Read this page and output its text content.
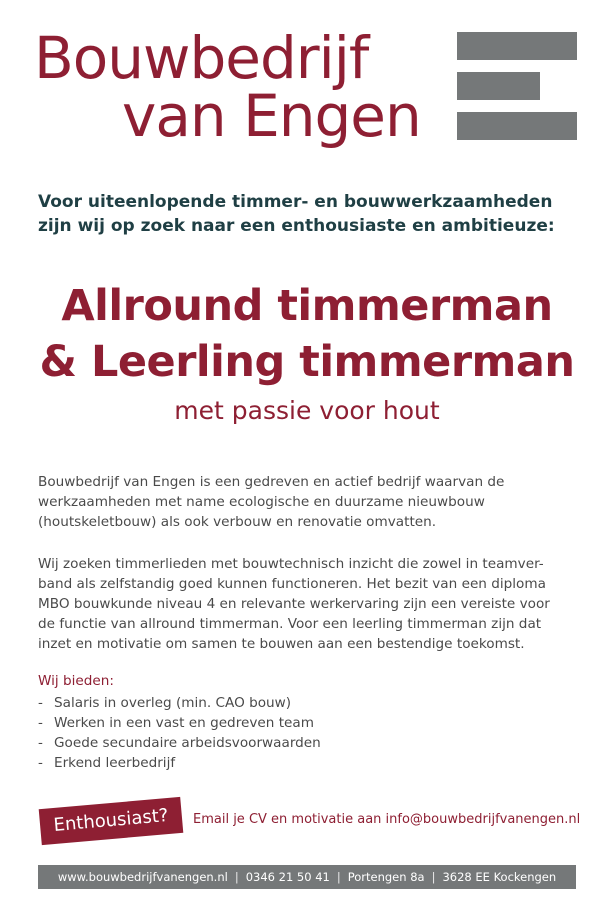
Bouwbedrijf
van Engen
Voor uiteenlopende timmer- en bouwwerkzaamheden
zijn wij op zoek naar een enthousiaste en ambitieuze:
Allround timmerman
& Leerling timmerman
met passie voor hout
Bouwbedrijf van Engen is een gedreven en actief bedrijf waarvan de
werkzaamheden met name ecologische en duurzame nieuwbouw
(houtskeletbouw) als ook verbouw en renovatie omvatten.
Wij zoeken timmerlieden met bouwtechnisch inzicht die zowel in teamver-
band als zelfstandig goed kunnen functioneren. Het bezit van een diploma
MBO bouwkunde niveau 4 en relevante werkervaring zijn een vereiste voor
de functie van allround timmerman. Voor een leerling timmerman zijn dat
inzet en motivatie om samen te bouwen aan een bestendige toekomst.
Wij bieden:
- Salaris in overleg (min. CAO bouw)
- Werken in een vast en gedreven team
- Goede secundaire arbeidsvoorwaarden
- Erkend leerbedrijf
Enthousiast?	Email je CV en motivatie aan info@bouwbedrijfvanengen.nl
www.bouwbedrijfvanengen.nl | 0346 21 50 41 | Portengen 8a | 3628 EE Kockengen
